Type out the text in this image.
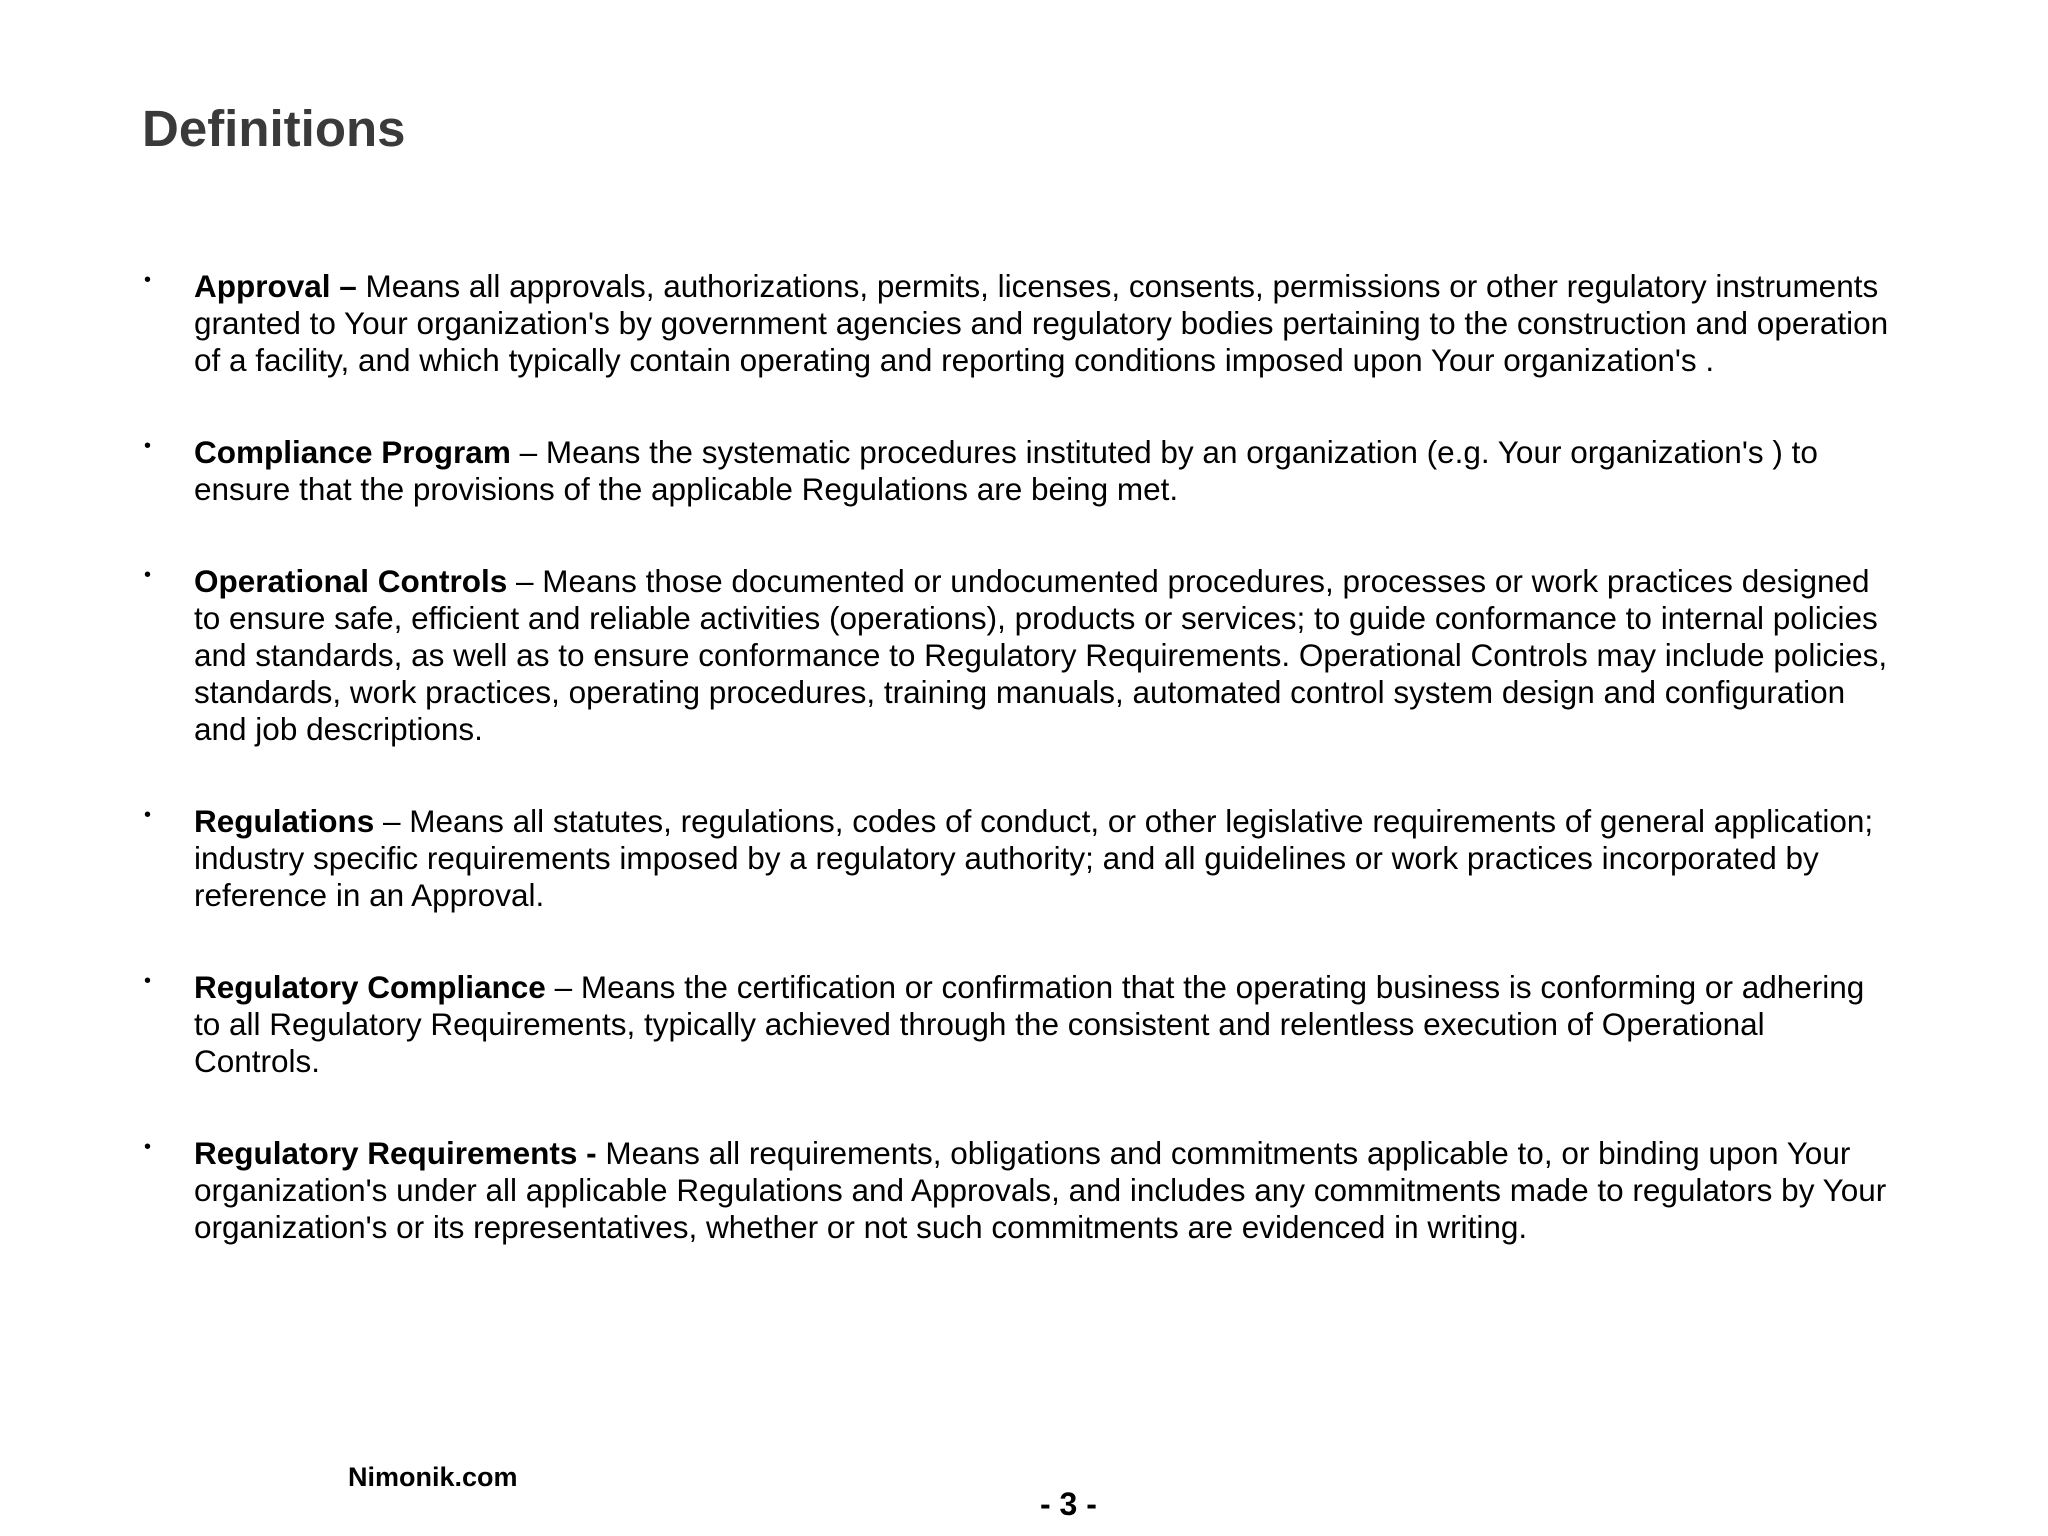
Definitions
• Approval – Means all approvals, authorizations, permits, licenses, consents, permissions or other regulatory instruments granted to Your organization's by government agencies and regulatory bodies pertaining to the construction and operation of a facility, and which typically contain operating and reporting conditions imposed upon Your organization's .
• Compliance Program – Means the systematic procedures instituted by an organization (e.g. Your organization's ) to ensure that the provisions of the applicable Regulations are being met.
• Operational Controls – Means those documented or undocumented procedures, processes or work practices designed to ensure safe, efficient and reliable activities (operations), products or services; to guide conformance to internal policies and standards, as well as to ensure conformance to Regulatory Requirements. Operational Controls may include policies, standards, work practices, operating procedures, training manuals, automated control system design and configuration and job descriptions.
• Regulations – Means all statutes, regulations, codes of conduct, or other legislative requirements of general application; industry specific requirements imposed by a regulatory authority; and all guidelines or work practices incorporated by reference in an Approval.
• Regulatory Compliance – Means the certification or confirmation that the operating business is conforming or adhering to all Regulatory Requirements, typically achieved through the consistent and relentless execution of Operational Controls.
• Regulatory Requirements - Means all requirements, obligations and commitments applicable to, or binding upon Your organization's under all applicable Regulations and Approvals, and includes any commitments made to regulators by Your organization's or its representatives, whether or not such commitments are evidenced in writing.
Nimonik.com
- 3 -
